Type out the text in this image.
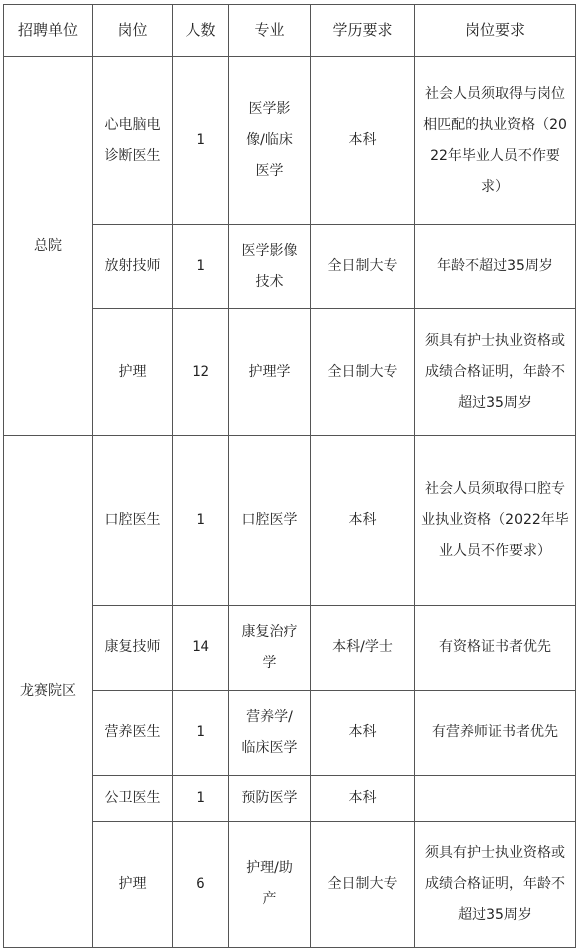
招聘单位	岗位	人数	专业	学历要求	岗位要求
总院	心电脑电诊断医生	1	医学影像/临床医学	本科	社会人员须取得与岗位相匹配的执业资格（2022年毕业人员不作要求）
	放射技师	1	医学影像技术	全日制大专	年龄不超过35周岁
	护理	12	护理学	全日制大专	须具有护士执业资格或成绩合格证明，年龄不超过35周岁
龙赛院区	口腔医生	1	口腔医学	本科	社会人员须取得口腔专业执业资格（2022年毕业人员不作要求）
	康复技师	14	康复治疗学	本科/学士	有资格证书者优先
	营养医生	1	营养学/临床医学	本科	有营养师证书者优先
	公卫医生	1	预防医学	本科	
	护理	6	护理/助产	全日制大专	须具有护士执业资格或成绩合格证明，年龄不超过35周岁
